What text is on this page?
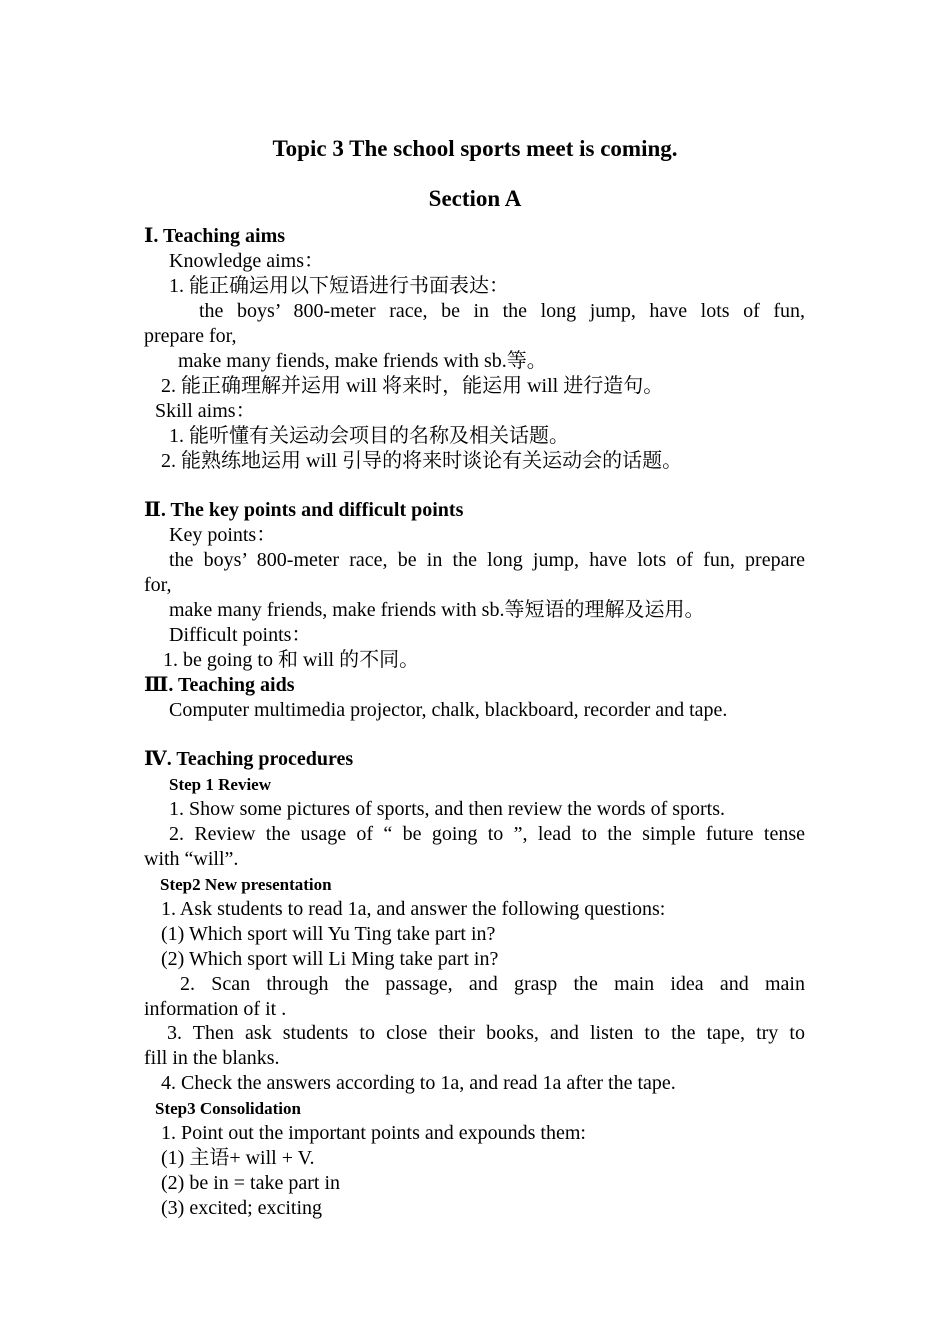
Topic 3 The school sports meet is coming.
Section A
Ⅰ. Teaching aims
Knowledge aims：
1. 能正确运用以下短语进行书面表达：
the boys’ 800-meter race, be in the long jump, have lots of fun,
prepare for,
make many fiends, make friends with sb.等。
2. 能正确理解并运用 will 将来时，能运用 will 进行造句。
Skill aims：
1. 能听懂有关运动会项目的名称及相关话题。
2. 能熟练地运用 will 引导的将来时谈论有关运动会的话题。
Ⅱ. The key points and difficult points
Key points：
the boys’ 800-meter race, be in the long jump, have lots of fun, prepare
for,
make many friends, make friends with sb.等短语的理解及运用。
Difficult points：
1. be going to 和 will 的不同。
Ⅲ. Teaching aids
Computer multimedia projector, chalk, blackboard, recorder and tape.
Ⅳ. Teaching procedures
Step 1 Review
1. Show some pictures of sports, and then review the words of sports.
2. Review the usage of “ be going to ”, lead to the simple future tense
with “will”.
Step2 New presentation
1. Ask students to read 1a, and answer the following questions:
(1) Which sport will Yu Ting take part in?
(2) Which sport will Li Ming take part in?
2. Scan through the passage, and grasp the main idea and main
information of it .
3. Then ask students to close their books, and listen to the tape, try to
fill in the blanks.
4. Check the answers according to 1a, and read 1a after the tape.
Step3 Consolidation
1. Point out the important points and expounds them:
(1) 主语+ will + V.
(2) be in = take part in
(3) excited; exciting
